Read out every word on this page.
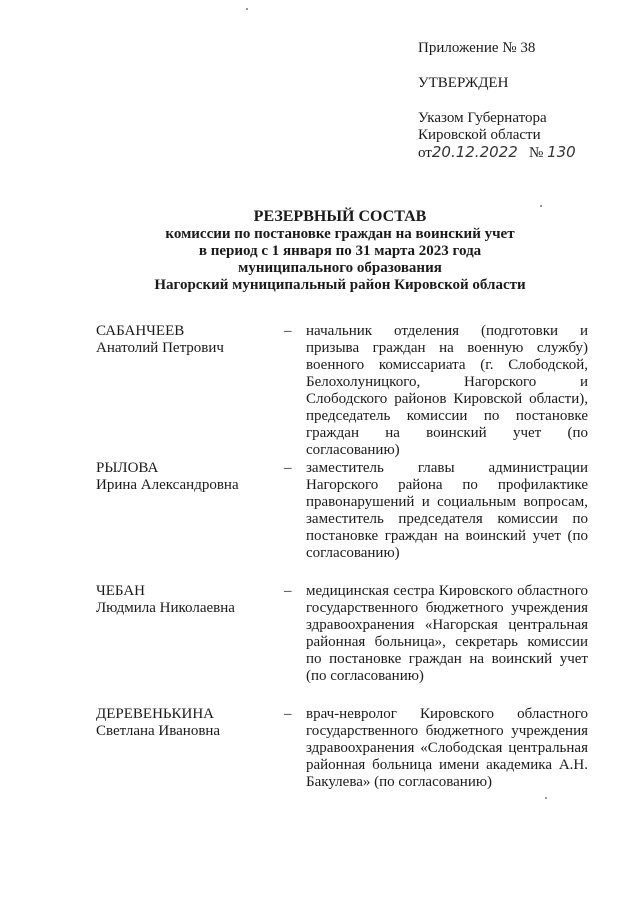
Приложение № 38
УТВЕРЖДЕН
Указом Губернатора
Кировской области
от20.12.2022 № 130
РЕЗЕРВНЫЙ СОСТАВ
комиссии по постановке граждан на воинский учет
в период с 1 января по 31 марта 2023 года
муниципального образования
Нагорский муниципальный район Кировской области
САБАНЧЕЕВ
Анатолий Петрович
– начальник отделения (подготовки и призыва граждан на военную службу) военного комиссариата (г. Слободской, Белохолуницкого, Нагорского и Слободского районов Кировской области), председатель комиссии по постановке граждан на воинский учет (по согласованию)
РЫЛОВА
Ирина Александровна
– заместитель главы администрации Нагорского района по профилактике правонарушений и социальным вопросам, заместитель председателя комиссии по постановке граждан на воинский учет (по согласованию)
ЧЕБАН
Людмила Николаевна
– медицинская сестра Кировского областного государственного бюджетного учреждения здравоохранения «Нагорская центральная районная больница», секретарь комиссии по постановке граждан на воинский учет (по согласованию)
ДЕРЕВЕНЬКИНА
Светлана Ивановна
– врач-невролог Кировского областного государственного бюджетного учреждения здравоохранения «Слободская центральная районная больница имени академика А.Н. Бакулева» (по согласованию)
